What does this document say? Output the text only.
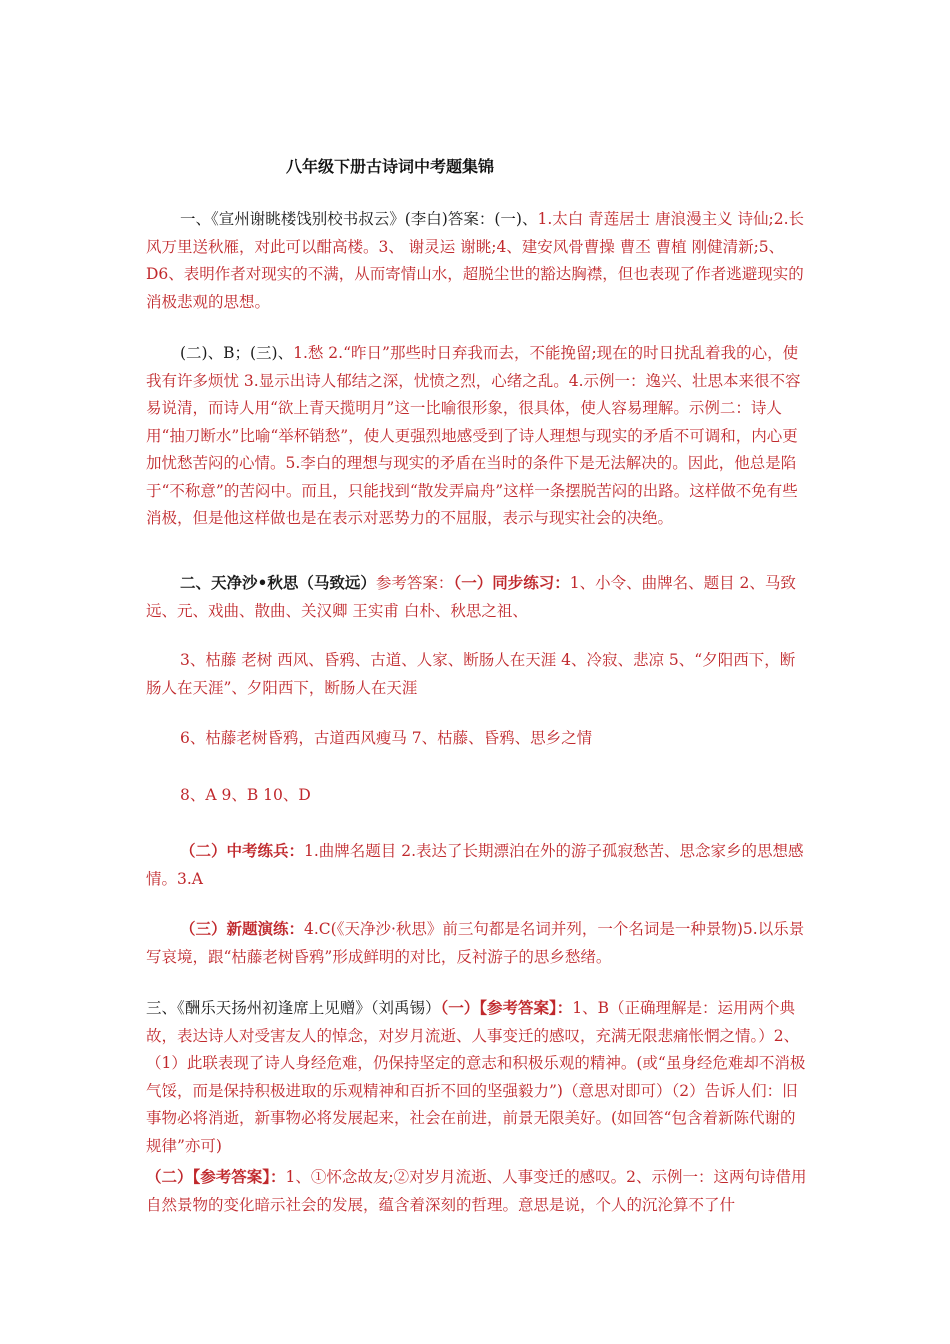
八年级下册古诗词中考题集锦

一、《宣州谢眺楼饯别校书叔云》(李白)答案：(一)、1.太白 青莲居士 唐浪漫主义 诗仙;2.长风万里送秋雁，对此可以酣高楼。3、 谢灵运 谢眺;4、建安风骨曹操 曹丕 曹植 刚健清新;5、D6、表明作者对现实的不满，从而寄情山水，超脱尘世的豁达胸襟，但也表现了作者逃避现实的消极悲观的思想。

(二)、B；(三)、1.愁 2.“昨日”那些时日弃我而去，不能挽留;现在的时日扰乱着我的心，使我有许多烦忧 3.显示出诗人郁结之深，忧愤之烈，心绪之乱。4.示例一：逸兴、壮思本来很不容易说清，而诗人用“欲上青天揽明月”这一比喻很形象，很具体，使人容易理解。示例二：诗人用“抽刀断水”比喻“举杯销愁”，使人更强烈地感受到了诗人理想与现实的矛盾不可调和，内心更加忧愁苦闷的心情。5.李白的理想与现实的矛盾在当时的条件下是无法解决的。因此，他总是陷于“不称意”的苦闷中。而且，只能找到“散发弄扁舟”这样一条摆脱苦闷的出路。这样做不免有些消极，但是他这样做也是在表示对恶势力的不屈服，表示与现实社会的决绝。

二、天净沙•秋思（马致远）参考答案：（一）同步练习：1、小令、曲牌名、题目 2、马致远、元、戏曲、散曲、关汉卿 王实甫 白朴、秋思之祖、

3、枯藤 老树 西风、昏鸦、古道、人家、断肠人在天涯 4、冷寂、悲凉 5、“夕阳西下，断肠人在天涯”、夕阳西下，断肠人在天涯

6、枯藤老树昏鸦，古道西风瘦马 7、枯藤、昏鸦、思乡之情

8、A 9、B 10、D

（二）中考练兵：1.曲牌名题目 2.表达了长期漂泊在外的游子孤寂愁苦、思念家乡的思想感情。3.A

（三）新题演练：4.C(《天净沙·秋思》前三句都是名词并列，一个名词是一种景物)5.以乐景写哀境，跟“枯藤老树昏鸦”形成鲜明的对比，反衬游子的思乡愁绪。

三、《酬乐天扬州初逢席上见赠》（刘禹锡）（一）【参考答案】：1、B（正确理解是：运用两个典故，表达诗人对受害友人的悼念，对岁月流逝、人事变迁的感叹，充满无限悲痛怅惘之情。）2、（1）此联表现了诗人身经危难，仍保持坚定的意志和积极乐观的精神。(或“虽身经危难却不消极气馁，而是保持积极进取的乐观精神和百折不回的坚强毅力”)（意思对即可）（2）告诉人们：旧事物必将消逝，新事物必将发展起来，社会在前进，前景无限美好。(如回答“包含着新陈代谢的规律”亦可)

（二）【参考答案】：1、①怀念故友;②对岁月流逝、人事变迁的感叹。2、示例一：这两句诗借用自然景物的变化暗示社会的发展，蕴含着深刻的哲理。意思是说，个人的沉沦算不了什
